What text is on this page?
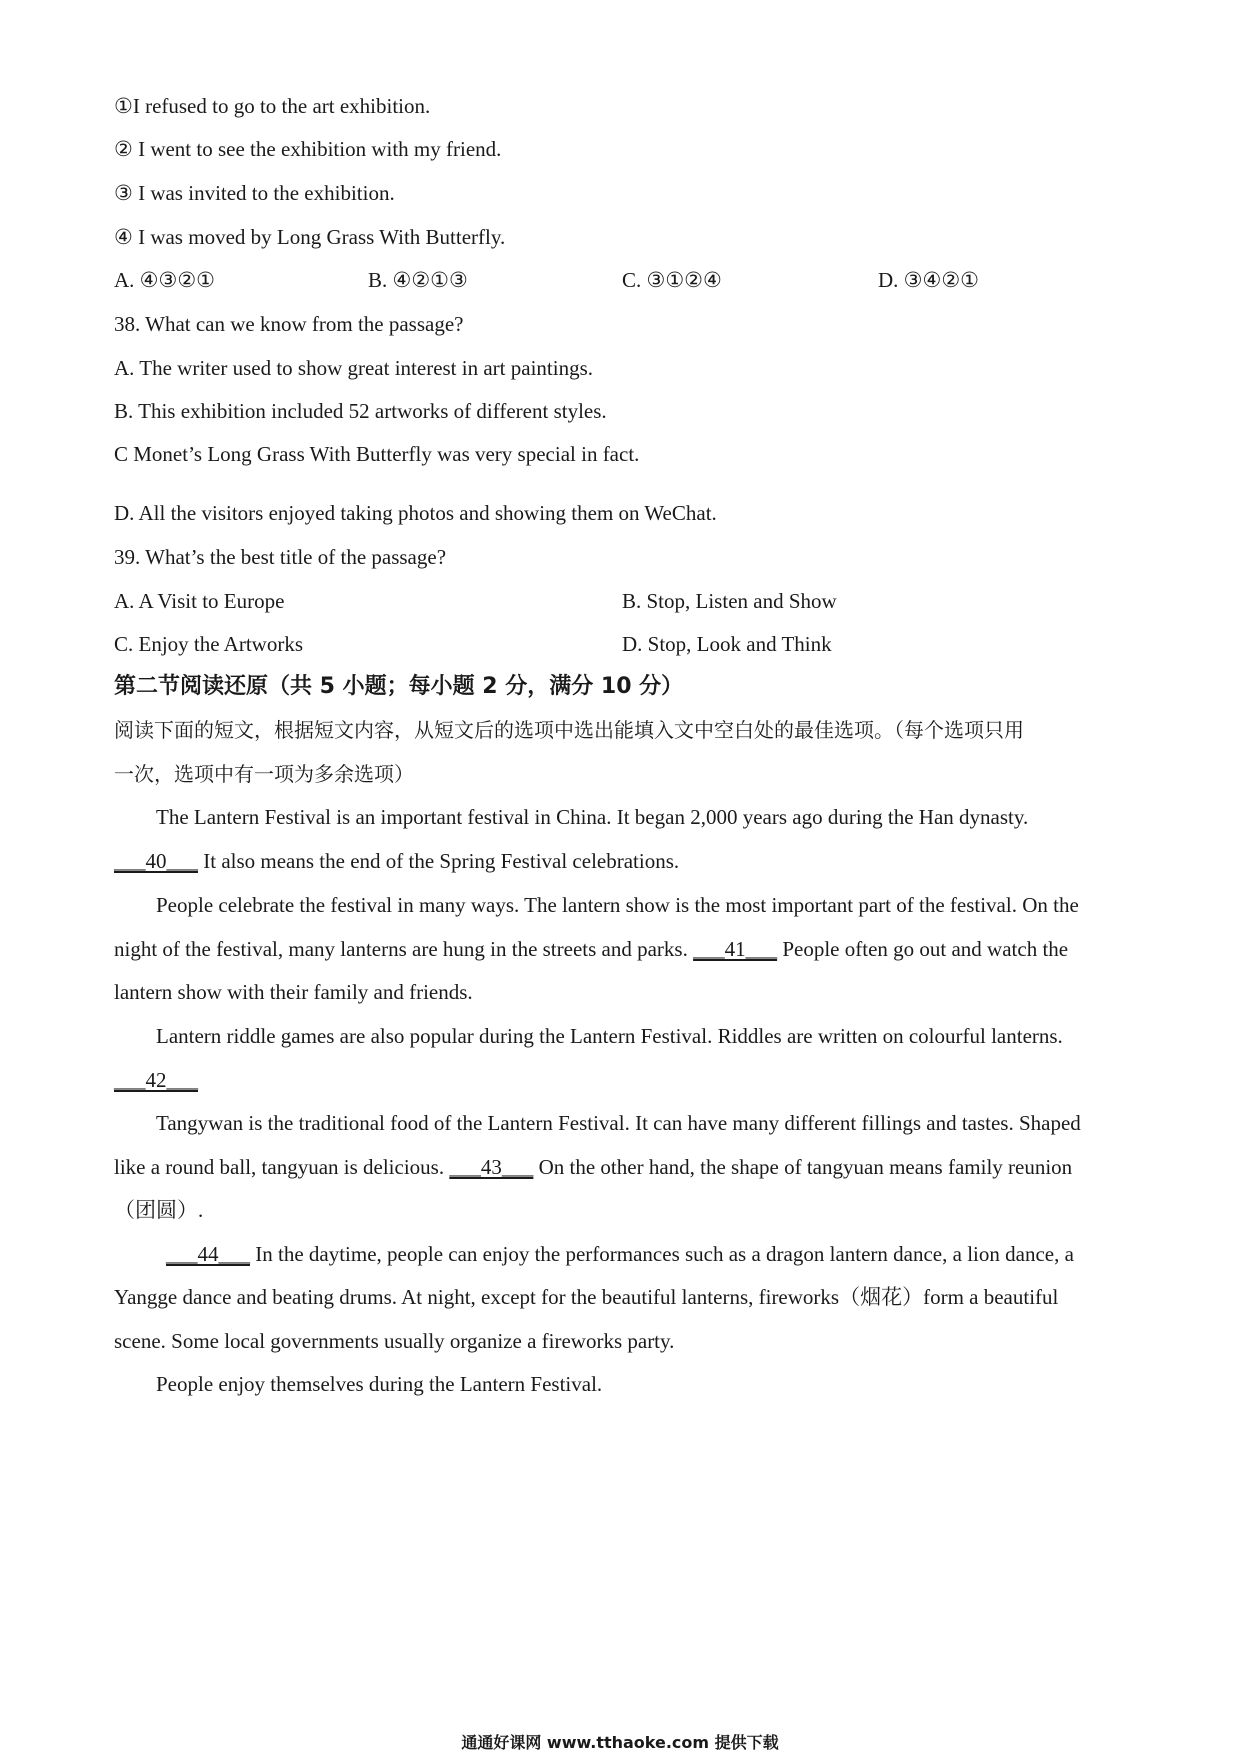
①I refused to go to the art exhibition.
② I went to see the exhibition with my friend.
③ I was invited to the exhibition.
④ I was moved by Long Grass With Butterfly.
A. ④③②①	B. ④②①③	C. ③①②④	D. ③④②①
38. What can we know from the passage?
A. The writer used to show great interest in art paintings.
B. This exhibition included 52 artworks of different styles.
C Monet’s Long Grass With Butterfly was very special in fact.
D. All the visitors enjoyed taking photos and showing them on WeChat.
39. What’s the best title of the passage?
A. A Visit to Europe	B. Stop, Listen and Show
C. Enjoy the Artworks	D. Stop, Look and Think
第二节阅读还原（共 5 小题；每小题 2 分，满分 10 分）
阅读下面的短文，根据短文内容，从短文后的选项中选出能填入文中空白处的最佳选项。（每个选项只用
一次，选项中有一项为多余选项）
The Lantern Festival is an important festival in China. It began 2,000 years ago during the Han dynasty.
___40___ It also means the end of the Spring Festival celebrations.
People celebrate the festival in many ways. The lantern show is the most important part of the festival. On the
night of the festival, many lanterns are hung in the streets and parks. ___41___ People often go out and watch the
lantern show with their family and friends.
Lantern riddle games are also popular during the Lantern Festival. Riddles are written on colourful lanterns.
___42___
Tangywan is the traditional food of the Lantern Festival. It can have many different fillings and tastes. Shaped
like a round ball, tangyuan is delicious. ___43___ On the other hand, the shape of tangyuan means family reunion
（团圆）.
___44___ In the daytime, people can enjoy the performances such as a dragon lantern dance, a lion dance, a
Yangge dance and beating drums. At night, except for the beautiful lanterns, fireworks（烟花）form a beautiful
scene. Some local governments usually organize a fireworks party.
People enjoy themselves during the Lantern Festival.
通通好课网 www.tthaoke.com 提供下载
